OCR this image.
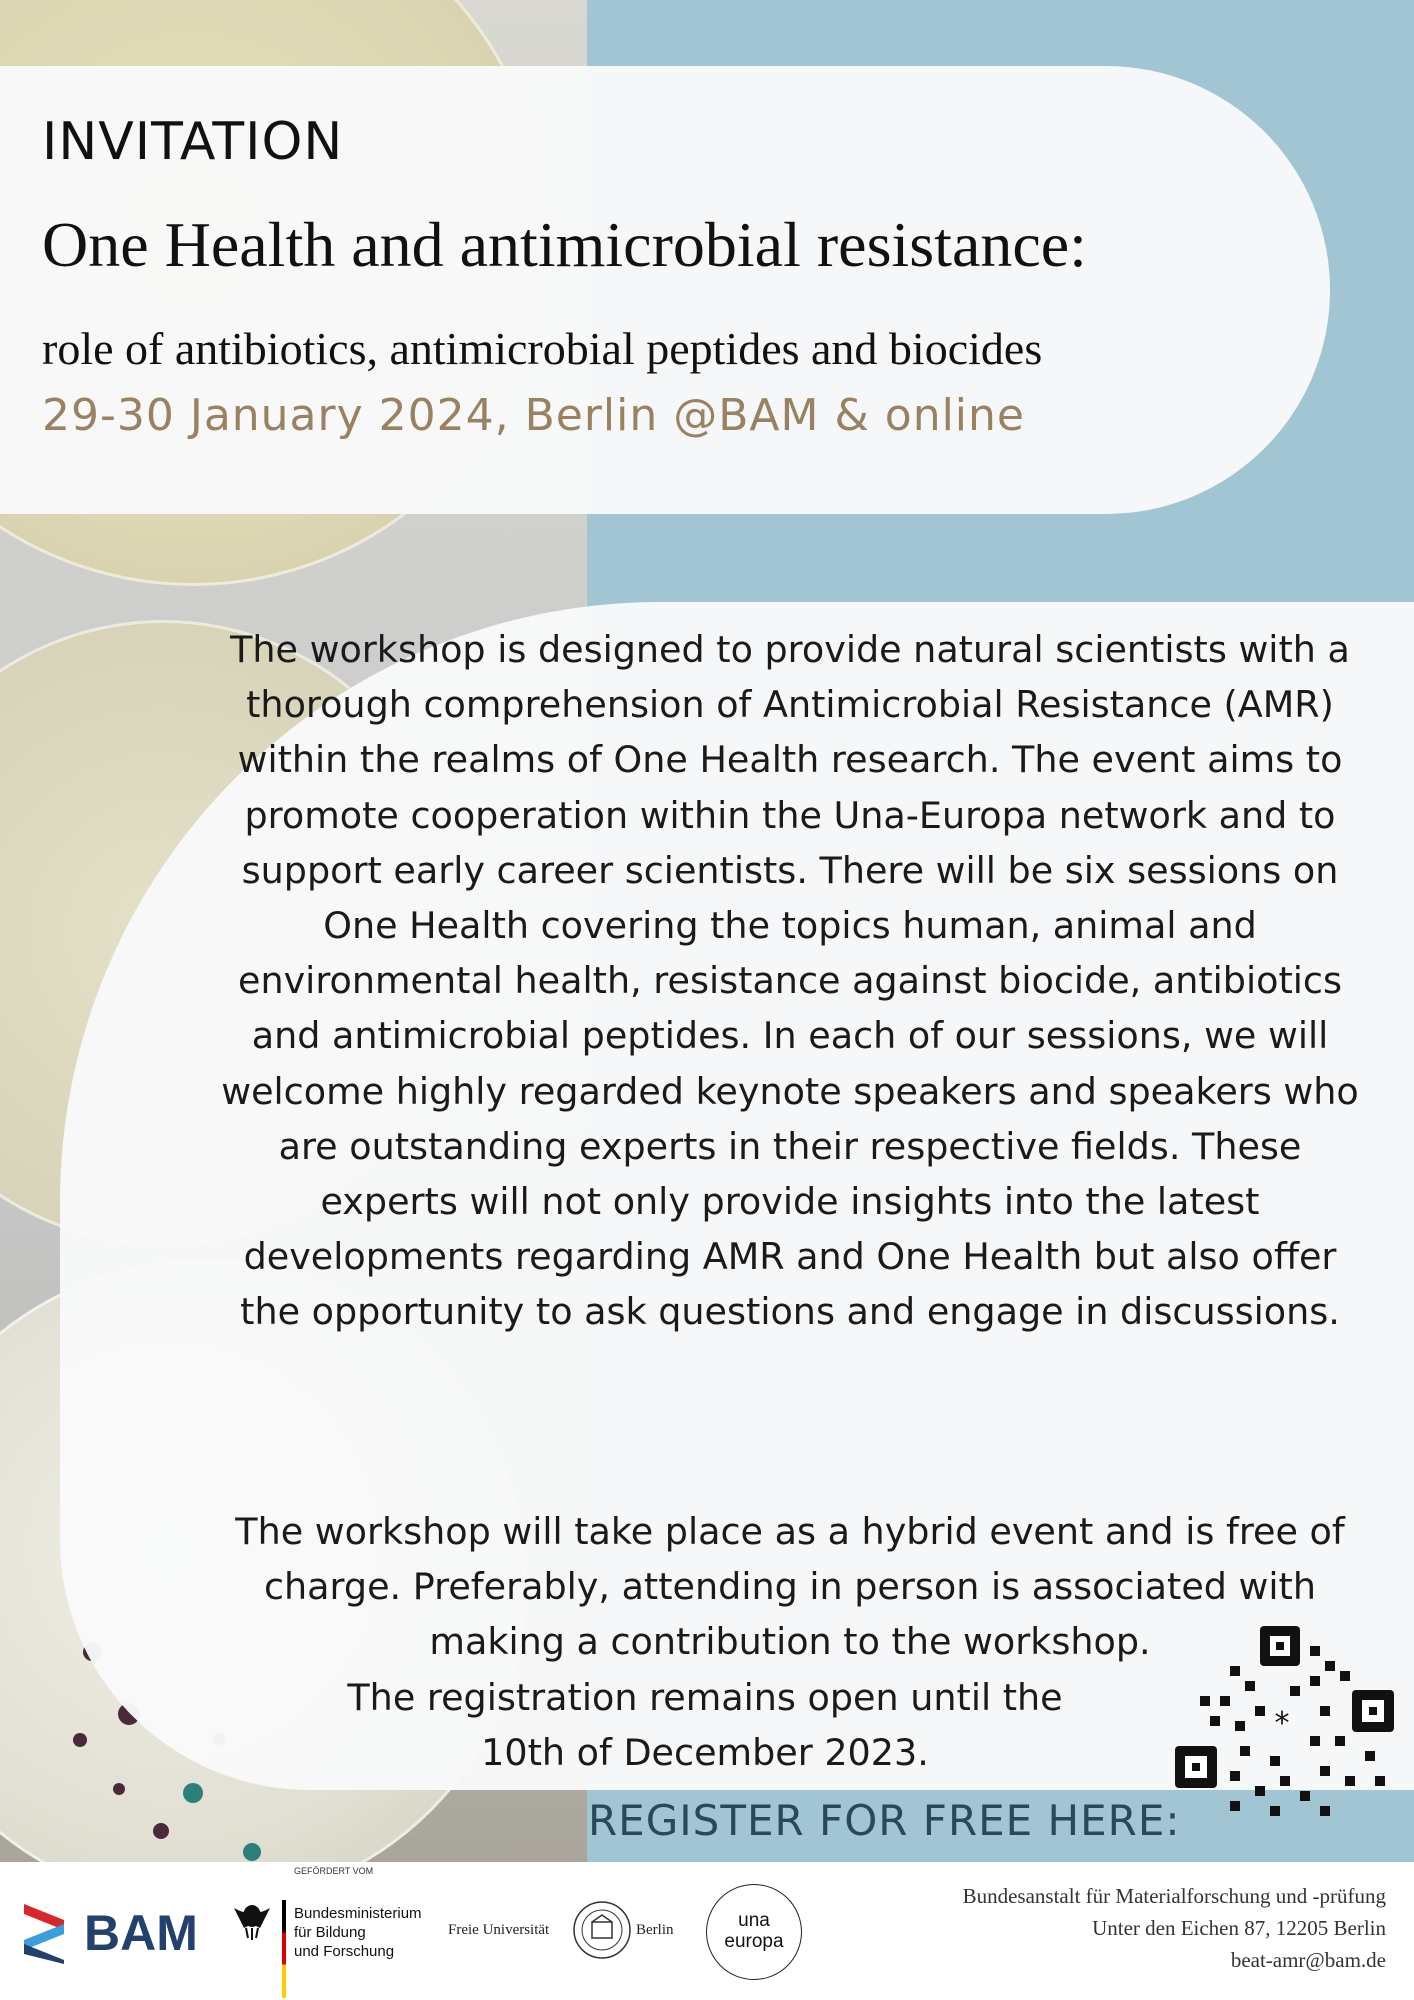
INVITATION
One Health and antimicrobial resistance:
role of antibiotics, antimicrobial peptides and biocides
29-30 January 2024, Berlin @BAM & online

The workshop is designed to provide natural scientists with a thorough comprehension of Antimicrobial Resistance (AMR) within the realms of One Health research. The event aims to promote cooperation within the Una-Europa network and to support early career scientists. There will be six sessions on One Health covering the topics human, animal and environmental health, resistance against biocide, antibiotics and antimicrobial peptides. In each of our sessions, we will welcome highly regarded keynote speakers and speakers who are outstanding experts in their respective fields. These experts will not only provide insights into the latest developments regarding AMR and One Health but also offer the opportunity to ask questions and engage in discussions.

The workshop will take place as a hybrid event and is free of charge. Preferably, attending in person is associated with making a contribution to the workshop.
The registration remains open until the
10th of December 2023.
REGISTER FOR FREE HERE:
*
BAM
GEFÖRDERT VOM
Bundesministerium
für Bildung
und Forschung
Freie Universität	Berlin	una
europa
Bundesanstalt für Materialforschung und -prüfung
Unter den Eichen 87, 12205 Berlin
beat-amr@bam.de
